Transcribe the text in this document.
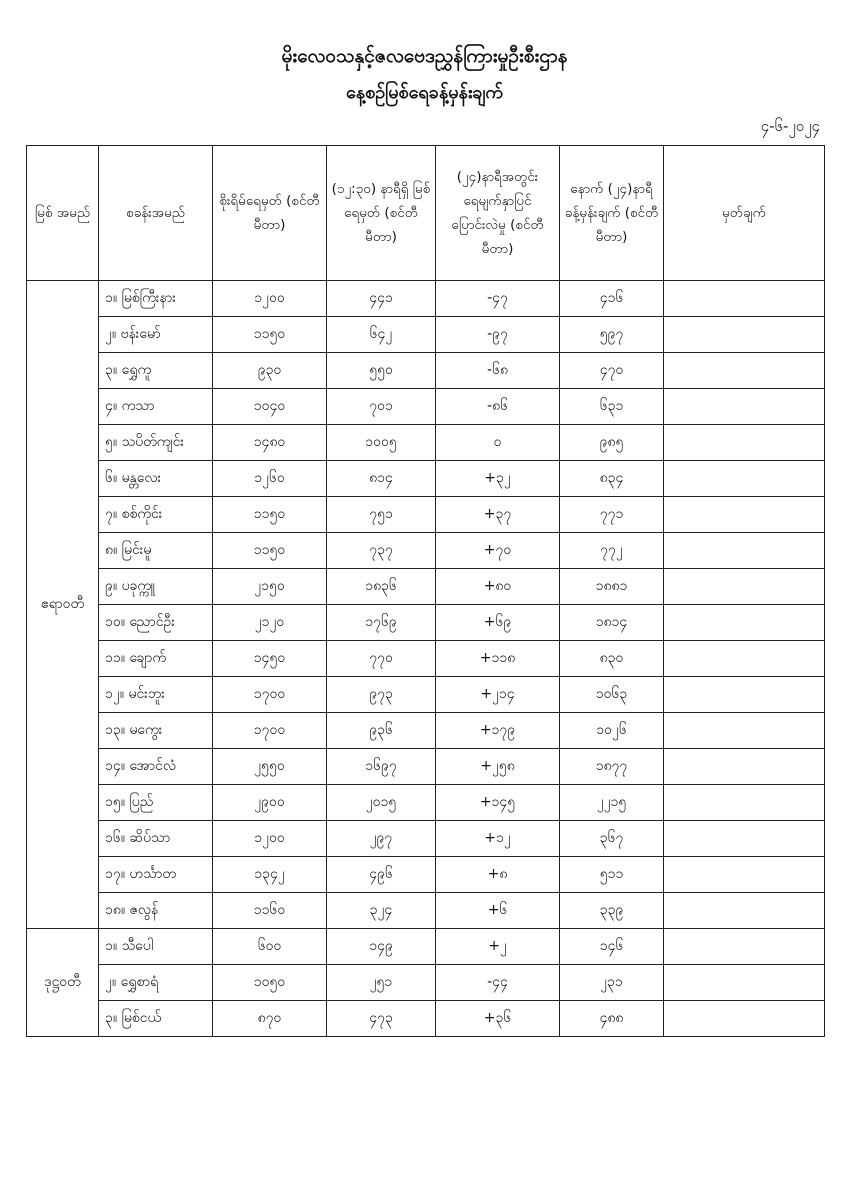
မိုးလေဝသနှင့်ဇလဗေဒညွှန်ကြားမှုဦးစီးဌာန
နေ့စဉ်မြစ်ရေခန့်မှန်းချက်
၄-၆-၂၀၂၄
မြစ် အမည်	စခန်းအမည်	စိုးရိမ်ရေမှတ် (စင်တီမီတာ)	(၁၂:၃၀) နာရီရှိ မြစ်ရေမှတ် (စင်တီမီတာ)	(၂၄)နာရီအတွင်း ရေမျက်နှာပြင် ပြောင်းလဲမှု (စင်တီမီတာ)	နောက် (၂၄)နာရီ ခန့်မှန်းချက် (စင်တီမီတာ)	မှတ်ချက်
ဧရာဝတီ	၁။ မြစ်ကြီးနား	၁၂၀၀	၄၄၁	-၄၇	၄၁၆	
	၂။ ဗန်းမော်	၁၁၅၀	၆၄၂	-၉၇	၅၉၇	
	၃။ ရွှေကူ	၉၃၀	၅၅၀	-၆၈	၄၇၀	
	၄။ ကသာ	၁၀၄၀	၇၀၁	-၈၆	၆၃၁	
	၅။ သပိတ်ကျင်း	၁၄၈၀	၁၀၀၅	၀	၉၈၅	
	၆။ မန္တလေး	၁၂၆၀	၈၁၄	+၃၂	၈၃၄	
	၇။ စစ်ကိုင်း	၁၁၅၀	၇၅၁	+၃၇	၇၇၁	
	၈။ မြင်းမူ	၁၁၅၀	၇၃၇	+၇၀	၇၇၂	
	၉။ ပခုက္ကူ	၂၁၅၀	၁၈၃၆	+၈၀	၁၈၈၁	
	၁၀။ ညောင်ဦး	၂၁၂၀	၁၇၆၉	+၆၉	၁၈၁၄	
	၁၁။ ချောက်	၁၄၅၀	၇၇၀	+၁၁၈	၈၃၀	
	၁၂။ မင်းဘူး	၁၇၀၀	၉၇၃	+၂၁၄	၁၀၆၃	
	၁၃။ မကွေး	၁၇၀၀	၉၃၆	+၁၇၉	၁၀၂၆	
	၁၄။ အောင်လံ	၂၅၅၀	၁၆၉၇	+၂၅၈	၁၈၇၇	
	၁၅။ ပြည်	၂၉၀၀	၂၀၁၅	+၁၄၅	၂၂၁၅	
	၁၆။ ဆိပ်သာ	၁၂၀၀	၂၉၇	+၁၂	၃၆၇	
	၁၇။ ဟင်္သာတ	၁၃၄၂	၄၉၆	+၈	၅၁၁	
	၁၈။ ဇလွန်	၁၁၆၀	၃၂၄	+၆	၃၃၉	
ဒုဋ္ဌဝတီ	၁။ သီပေါ	၆၀၀	၁၄၉	+၂	၁၄၆	
	၂။ ရွှေစာရံ	၁၀၅၀	၂၅၁	-၄၄	၂၃၁	
	၃။ မြစ်ငယ်	၈၇၀	၄၇၃	+၃၆	၄၈၈	
